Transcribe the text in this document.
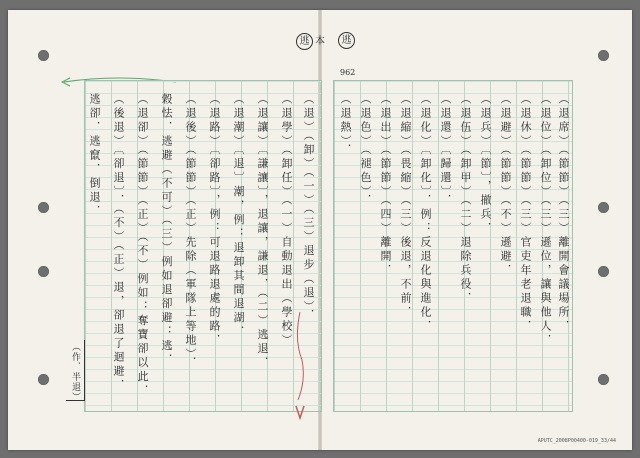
逃 本	逃
962
逃卻．逃竄．倒退． （後退）〔卻退〕．（不）（正）退，卻退了迴避． （退卻）（節節）（正）（不）例如：奪寶卻以此． 穀怯．逃避（不可）（三）例如退卻避：逃． （退後）（節節）（正）先除（軍隊上等地）． （退路）〔卻路〕，例：可退路退處的路． （退潮）〔退〕潮，例：退卸其間退湖． （退讓）〔謙讓〕，退讓，謙退．（二）逃退． （退學）（卸任）（一）自動退出（學校） （退）（卸）（一）（三）退步（退）．
（作．半退）
（退熱）． （退色）（褪色）． （退出）（節節）（四）離開． （退縮）（畏縮）（三）後退，不前． （退化）〔卸化〕．例：反退化與進化． （退還）〔歸還〕． （退伍）（卸甲）（二）退除兵役． （退兵）〔節〕，撤兵． （退避）（節節）（不）遜避． （退休）（節節）（三）官吏年老退職． （退位）（卸位）（三）遜位，讓與他人． （退席）（節節）（三）離開會議場所．
APUTC_2008P00400-019_33/44
